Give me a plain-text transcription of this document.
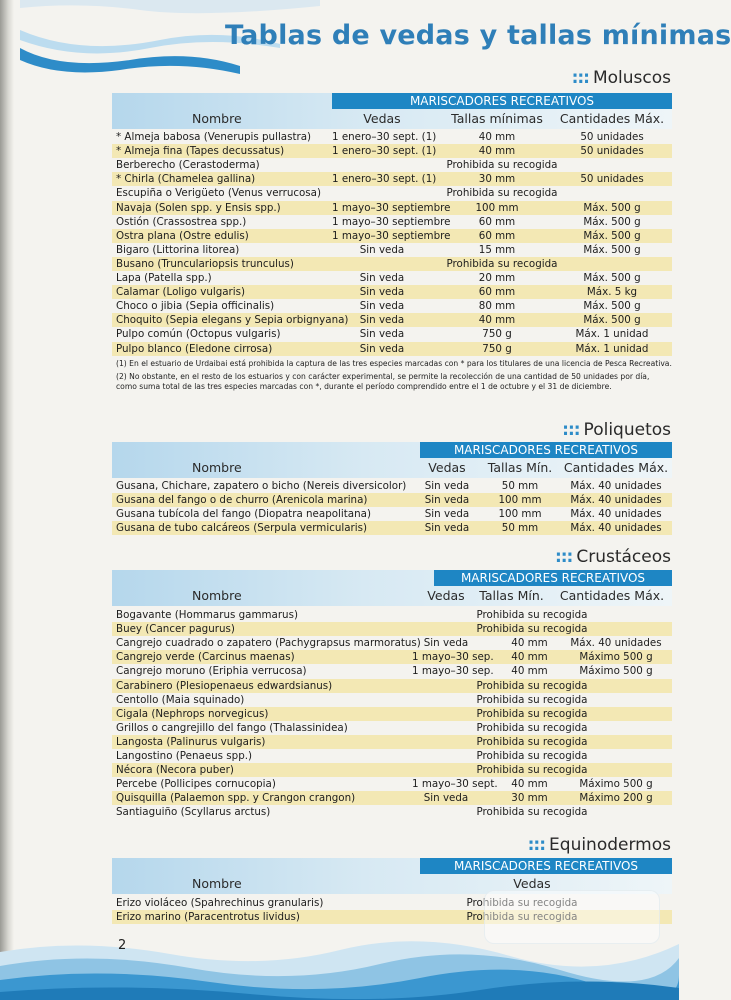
Tablas de vedas y tallas mínimas
::: Moluscos
MARISCADORES RECREATIVOS
Nombre	Vedas	Tallas mínimas	Cantidades Máx.
* Almeja babosa (Venerupis pullastra) 1 enero–30 sept. (1)	40 mm	50 unidades
* Almeja fina (Tapes decussatus)	1 enero–30 sept. (1)	40 mm	50 unidades
Berberecho (Cerastoderma)	Prohibida su recogida
* Chirla (Chamelea gallina)	1 enero–30 sept. (1)	30 mm	50 unidades
Escupiña o Verigüeto (Venus verrucosa)	Prohibida su recogida
Navaja (Solen spp. y Ensis spp.)	1 mayo–30 septiembre	100 mm	Máx. 500 g
Ostión (Crassostrea spp.)	1 mayo–30 septiembre	60 mm	Máx. 500 g
Ostra plana (Ostre edulis)	1 mayo–30 septiembre	60 mm	Máx. 500 g
Bigaro (Littorina litorea)	Sin veda	15 mm	Máx. 500 g
Busano (Trunculariopsis trunculus)	Prohibida su recogida
Lapa (Patella spp.)	Sin veda	20 mm	Máx. 500 g
Calamar (Loligo vulgaris)	Sin veda	60 mm	Máx. 5 kg
Choco o jibia (Sepia officinalis)	Sin veda	80 mm	Máx. 500 g
Choquito (Sepia elegans y Sepia orbignyana)	Sin veda	40 mm	Máx. 500 g
Pulpo común (Octopus vulgaris)	Sin veda	750 g	Máx. 1 unidad
Pulpo blanco (Eledone cirrosa)	Sin veda	750 g	Máx. 1 unidad

(1) En el estuario de Urdaibai está prohibida la captura de las tres especies marcadas con * para los titulares de una licencia de Pesca Recreativa.

(2) No obstante, en el resto de los estuarios y con carácter experimental, se permite la recolección de una cantidad de 50 unidades por día, como suma total de las tres especies marcadas con *, durante el período comprendido entre el 1 de octubre y el 31 de diciembre.

::: Poliquetos
MARISCADORES RECREATIVOS
Nombre	Vedas	Tallas Mín. Cantidades Máx.
Gusana, Chichare, zapatero o bicho (Nereis diversicolor)	Sin veda	50 mm	Máx. 40 unidades
Gusana del fango o de churro (Arenicola marina)	Sin veda	100 mm	Máx. 40 unidades
Gusana tubícola del fango (Diopatra neapolitana)	Sin veda	100 mm	Máx. 40 unidades
Gusana de tubo calcáreos (Serpula vermicularis)	Sin veda	50 mm	Máx. 40 unidades
::: Crustáceos
MARISCADORES RECREATIVOS
Nombre	Vedas	Tallas Mín.	Cantidades Máx.
Bogavante (Hommarus gammarus)	Prohibida su recogida
Buey (Cancer pagurus)	Prohibida su recogida
Cangrejo cuadrado o zapatero (Pachygrapsus marmoratus) Sin veda	40 mm	Máx. 40 unidades
Cangrejo verde (Carcinus maenas)	1 mayo–30 sep.	40 mm	Máximo 500 g
Cangrejo moruno (Eriphia verrucosa)	1 mayo–30 sep.	40 mm	Máximo 500 g
Carabinero (Plesiopenaeus edwardsianus)	Prohibida su recogida
Centollo (Maia squinado)	Prohibida su recogida
Cigala (Nephrops norvegicus)	Prohibida su recogida
Grillos o cangrejillo del fango (Thalassinidea)	Prohibida su recogida
Langosta (Palinurus vulgaris)	Prohibida su recogida
Langostino (Penaeus spp.)	Prohibida su recogida
Nécora (Necora puber)	Prohibida su recogida
Percebe (Pollicipes cornucopia)	1 mayo–30 sept.	40 mm	Máximo 500 g
Quisquilla (Palaemon spp. y Crangon crangon)	Sin veda	30 mm	Máximo 200 g
Santiaguiño (Scyllarus arctus)	Prohibida su recogida
::: Equinodermos
MARISCADORES RECREATIVOS
Nombre	Vedas
Erizo violáceo (Spahrechinus granularis)	Prohibida su recogida
Erizo marino (Paracentrotus lividus)	Prohibida su recogida
2
